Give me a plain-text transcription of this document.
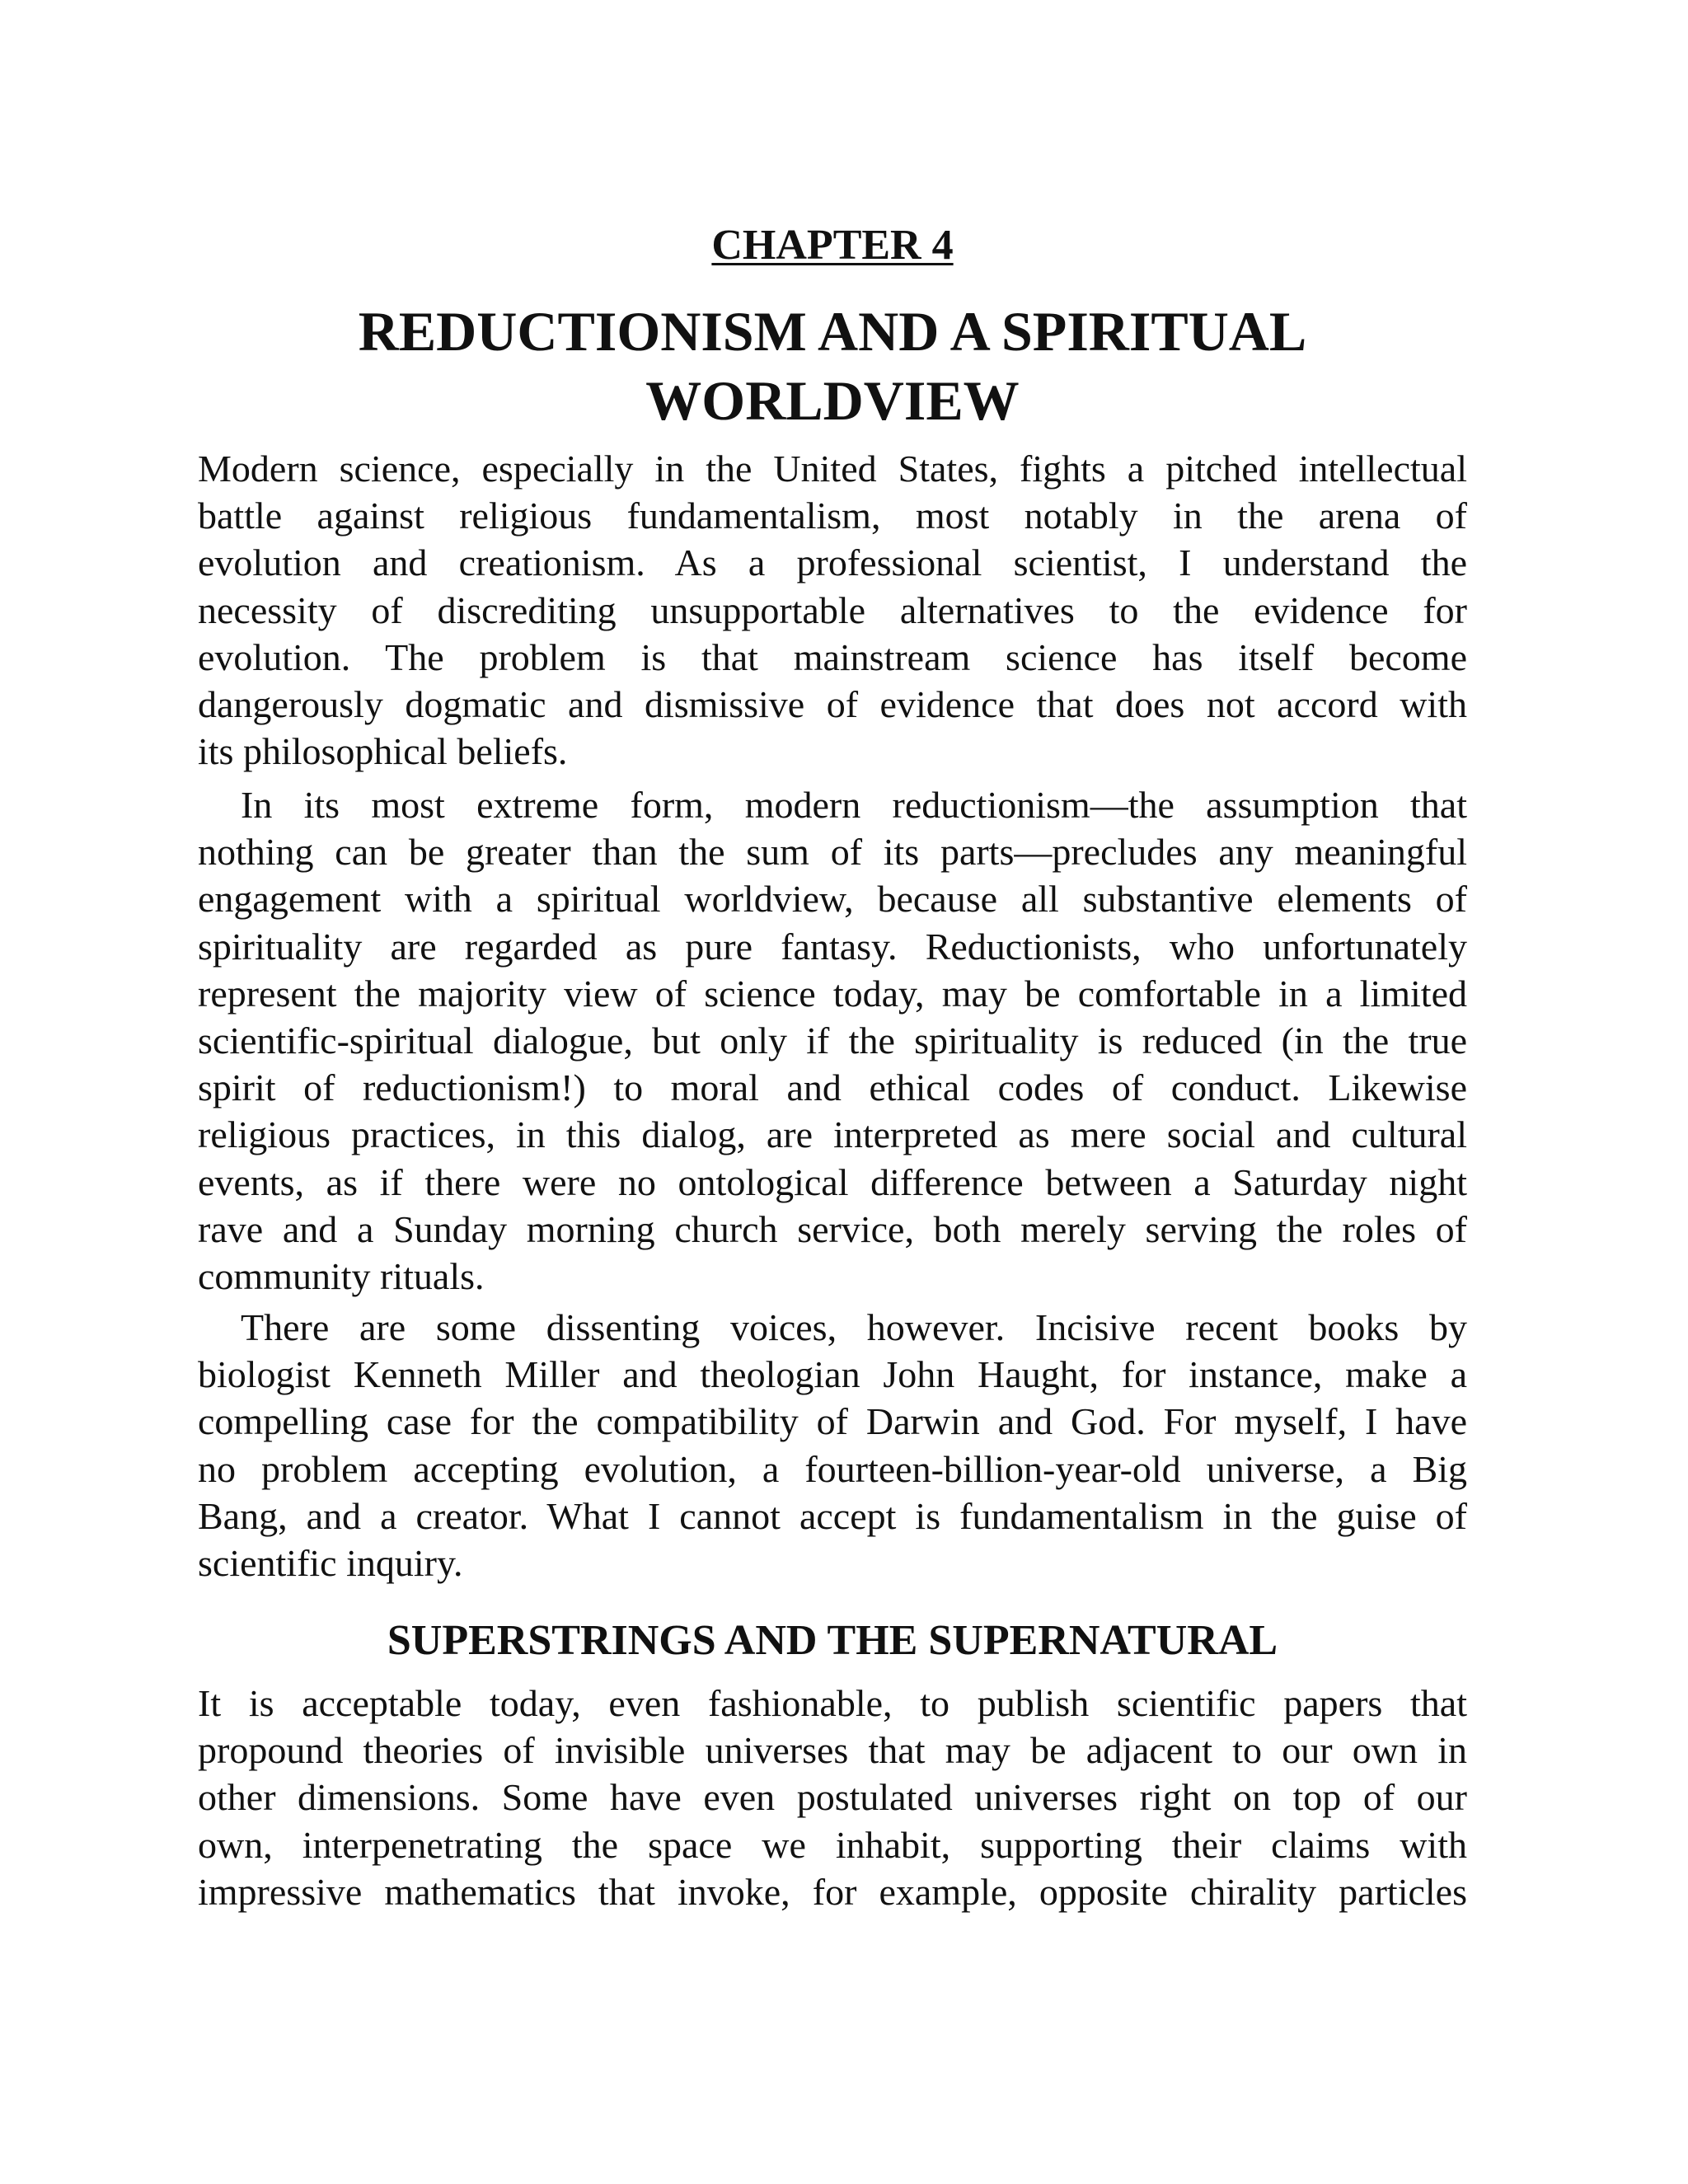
CHAPTER 4
REDUCTIONISM AND A SPIRITUAL
WORLDVIEW

Modern science, especially in the United States, fights a pitched intellectual
battle against religious fundamentalism, most notably in the arena of
evolution and creationism. As a professional scientist, I understand the
necessity of discrediting unsupportable alternatives to the evidence for
evolution. The problem is that mainstream science has itself become
dangerously dogmatic and dismissive of evidence that does not accord with
its philosophical beliefs.

In its most extreme form, modern reductionism—the assumption that
nothing can be greater than the sum of its parts—precludes any meaningful
engagement with a spiritual worldview, because all substantive elements of
spirituality are regarded as pure fantasy. Reductionists, who unfortunately
represent the majority view of science today, may be comfortable in a limited
scientific-spiritual dialogue, but only if the spirituality is reduced (in the true
spirit of reductionism!) to moral and ethical codes of conduct. Likewise
religious practices, in this dialog, are interpreted as mere social and cultural
events, as if there were no ontological difference between a Saturday night
rave and a Sunday morning church service, both merely serving the roles of
community rituals.

There are some dissenting voices, however. Incisive recent books by
biologist Kenneth Miller and theologian John Haught, for instance, make a
compelling case for the compatibility of Darwin and God. For myself, I have
no problem accepting evolution, a fourteen-billion-year-old universe, a Big
Bang, and a creator. What I cannot accept is fundamentalism in the guise of
scientific inquiry.

SUPERSTRINGS AND THE SUPERNATURAL

It is acceptable today, even fashionable, to publish scientific papers that
propound theories of invisible universes that may be adjacent to our own in
other dimensions. Some have even postulated universes right on top of our
own, interpenetrating the space we inhabit, supporting their claims with
impressive mathematics that invoke, for example, opposite chirality particles
